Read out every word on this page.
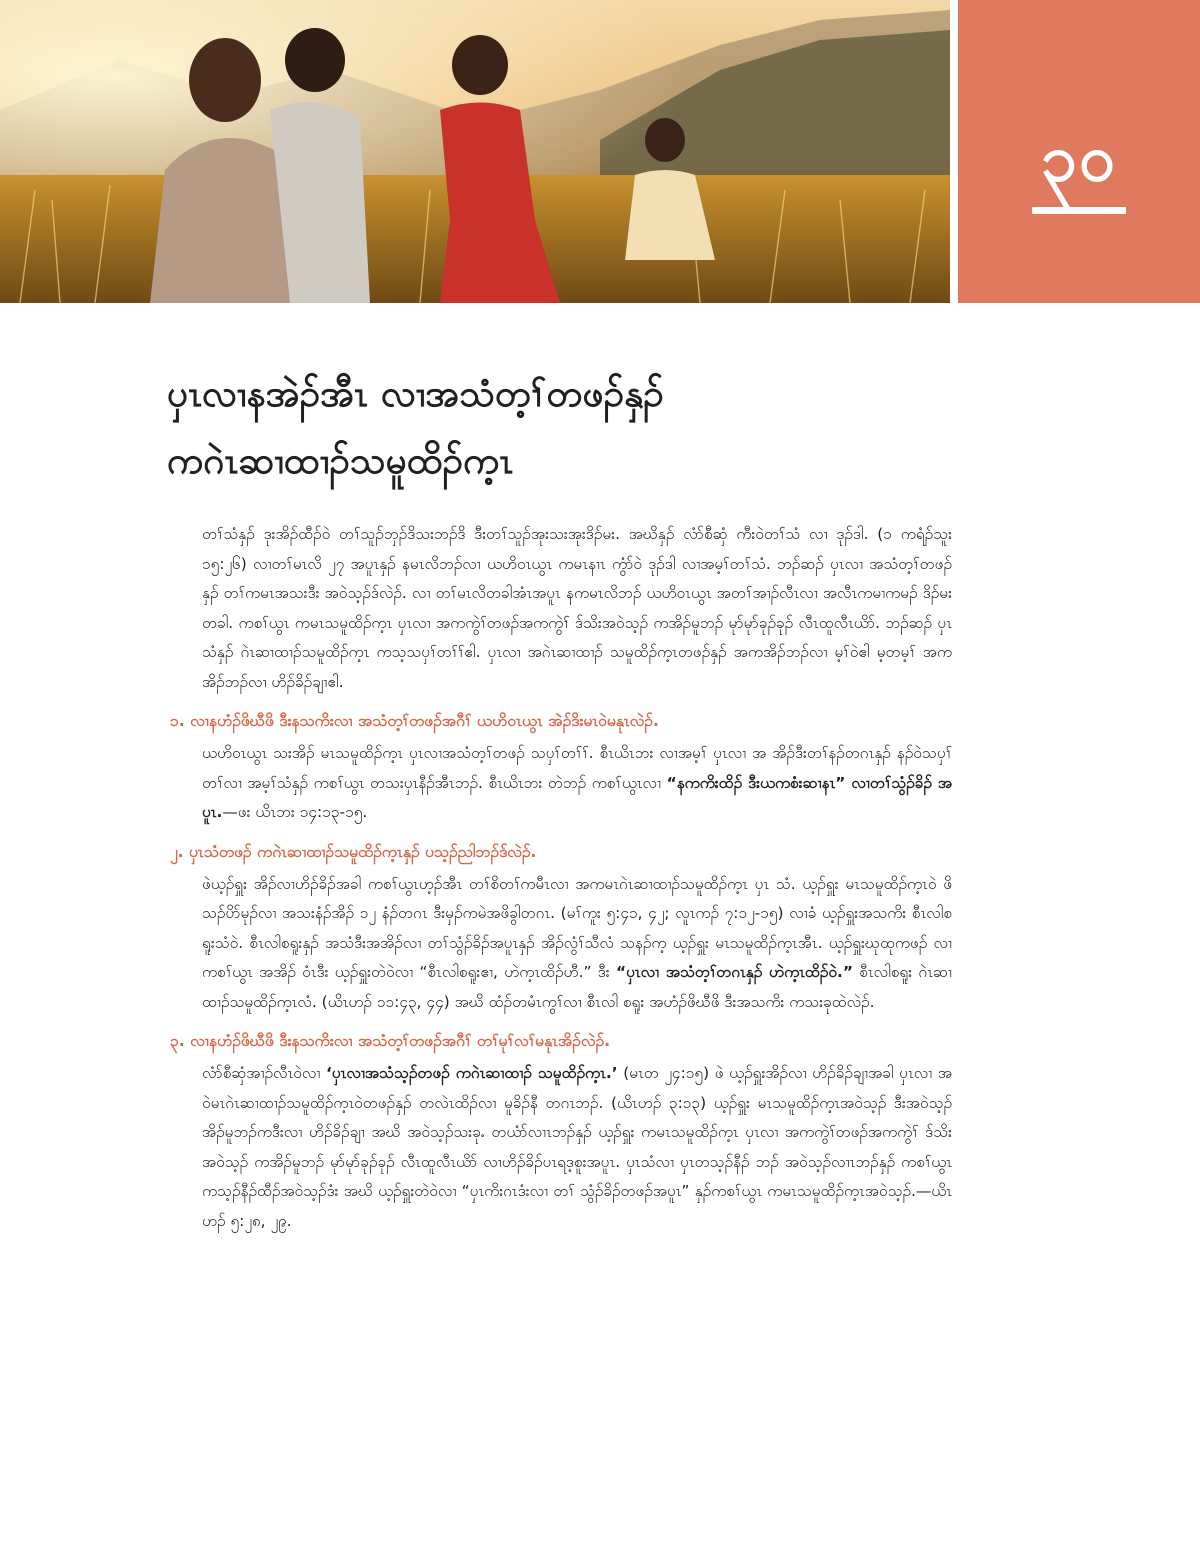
၃၀
ပှၤလၢနအဲၣ်အီၤ လၢအသံတ့ၢ်တဖၣ်နှၣ်
ကဂဲၤဆၢထၢၣ်သမူထိၣ်က့ၤ

တၢ်သံနှၣ် ဒုးအိၣ်ထီၣ်ဝဲ တၢ်သူၣ်ဘှၣ်ဒိသးဘၣ်ဒိ ဒီးတၢ်သူၣ်အုးသးအုးဒိၣ်မး. အဃိနှၣ် လံာ်စီဆှံ ကီးဝဲတၢ်သံ လၢ ဒုၣ်ဒါ. (၁ ကရံၣ်သူး ၁၅:၂၆) လၢတၢ်မၤလိ ၂၇ အပူၤနှၣ် နမၤလိဘၣ်လၢ ယဟိဝၤယွၤ ကမၤနၢၤ ကွံာ်ဝဲ ဒုၣ်ဒါ လၢအမ့ၢ်တၢ်သံ. ဘၣ်ဆၣ် ပှၤလၢ အသံတ့ၢ်တဖၣ်နှၣ် တၢ်ကမၤအသးဒီး အဝဲသ့ၣ်ဒ်လဲၣ်. လၢ တၢ်မၤလိတခါအံၤအပူၤ နကမၤလိဘၣ် ယဟိဝၤယွၤ အတၢ်အၢၣ်လီၤလၢ အလီၤကမၢကမၣ် ဒိၣ်မးတခါ. ကစၢ်ယွၤ ကမၤသမူထိၣ်က့ၤ ပှၤလၢ အကကွဲၢ်တဖၣ်အကကွဲၢ် ဒ်သိးအဝဲသ့ၣ် ကအိၣ်မူဘၣ် မုာ်မုာ်ခုၣ်ခုၣ် လီၤထူလီၤယိာ်. ဘၣ်ဆၣ် ပှၤသံနှၣ် ဂဲၤဆၢထၢၣ်သမူထိၣ်က့ၤ ကသ့သပှၢ်တၢ်ၢ်ဧါ. ပှၤလၢ အဂဲၤဆၢထၢၣ် သမူထိၣ်က့ၤတဖၣ်နှၣ် အကအိၣ်ဘၣ်လၢ မ့ၢ်ဝဲဧါ မ့တမ့ၢ် အကအိၣ်ဘၣ်လၢ ဟိၣ်ခိၣ်ချၢဧါ.

၁. လၢနဟံၣ်ဖိဃီဖိ ဒီးနသကိးလၢ အသံတ့ၢ်တဖၣ်အဂီၢ် ယဟိဝၤယွၤ အဲၣ်ဒိးမၤဝဲမနုၤလဲၣ်.

ယဟိဝၤယွၤ သးအိၣ် မၤသမူထိၣ်က့ၤ ပှၤလၢအသံတ့ၢ်တဖၣ် သပှၢ်တၢ်ၢ်. စီၤယိၤဘး လၢအမ့ၢ် ပှၤလၢ အ အိၣ်ဒီးတၢ်နၣ်တဂၤနှၣ် နၣ်ဝဲသပှၢ်တၢ်လၢ အမ့ၢ်သံနှၣ် ကစၢ်ယွၤ တသးပှၤနီၣ်အီၤဘၣ်. စီၤယိၤဘး တဲဘၣ် ကစၢ်ယွၤလၢ “နကကိးထိၣ် ဒီးယကစံးဆၢနၤ” လၢတၢ်သွံၣ်ခိၣ် အပူၤ.—ဖး ယိၤဘး ၁၄:၁၃-၁၅.

၂. ပှၤသံတဖၣ် ကဂဲၤဆၢထၢၣ်သမူထိၣ်က့ၤနှၣ် ပသ့ၣ်ညါဘၣ်ဒ်လဲၣ်.

ဖဲယ့ၣ်ရှူး အိၣ်လၢဟိၣ်ခိၣ်အခါ ကစၢ်ယွၤဟ့ၣ်အီၤ တၢ်စိတၢ်ကမီၤလၢ အကမၤဂဲၤဆၢထၢၣ်သမူထိၣ်က့ၤ ပှၤ သံ. ယ့ၣ်ရှူး မၤသမူထိၣ်က့ၤဝဲ ဖိသၣ်ပိာ်မုၣ်လၢ အသးနံၣ်အိၣ် ၁၂ နံၣ်တဂၤ ဒီးမှၣ်ကမဲအဖိခွါတဂၤ. (မၢ်ကူး ၅:၄၁, ၄၂; လူၤကၣ် ၇:၁၂-၁၅) လၢခံ ယ့ၣ်ရှူးအသကိး စီၤလါစရူးသံဝဲ. စီၤလါစရူးနှၣ် အသံဒီးအအိၣ်လၢ တၢ်သွံၣ်ခိၣ်အပူၤနှၣ် အိၣ်လွံၢ်သီလံ သနၣ်က့ ယ့ၣ်ရှူး မၤသမူထိၣ်က့ၤအီၤ. ယ့ၣ်ရှူးဃုထုကဖၣ် လၢကစၢ်ယွၤ အအိၣ် ဝံၤဒီး ယ့ၣ်ရှူးတဲဝဲလၢ “စီၤလါစရူးဧၢ, ဟဲက့ၤထိၣ်ဟီ.” ဒီး “ပှၤလၢ အသံတ့ၢ်တဂၤနှၣ် ဟဲက့ၤထိၣ်ဝဲ.” စီၤလါစရူး ဂဲၤဆၢထၢၣ်သမူထိၣ်က့ၤလံ. (ယိၤဟၣ် ၁၁:၄၃, ၄၄) အဃိ ထံၣ်တမံၤကွၢ်လၢ စီၤလါ စရူး အဟံၣ်ဖိဃီဖိ ဒီးအသကိး ကသးခုထဲလဲၣ်.

၃. လၢနဟံၣ်ဖိဃီဖိ ဒီးနသကိးလၢ အသံတ့ၢ်တဖၣ်အဂီၢ် တၢ်မုၢ်လၢ်မနုၤအိၣ်လဲၣ်.

လံာ်စီဆှံအၢၣ်လီၤဝဲလၢ ‘ပှၤလၢအသံသ့ၣ်တဖၣ် ကဂဲၤဆၢထၢၣ် သမူထိၣ်က့ၤ.’ (မၤတ ၂၄:၁၅) ဖဲ ယ့ၣ်ရှူးအိၣ်လၢ ဟိၣ်ခိၣ်ချၢအခါ ပှၤလၢ အဝဲမၤဂဲၤဆၢထၢၣ်သမူထိၣ်က့ၤဝဲတဖၣ်နှၣ် တလဲၤထိၣ်လၢ မူခိၣ်နီ တဂၤဘၣ်. (ယိၤဟၣ် ၃:၁၃) ယ့ၣ်ရှူး မၤသမူထိၣ်က့ၤအဝဲသ့ၣ် ဒီးအဝဲသ့ၣ် အိၣ်မူဘၣ်ကဒီးလၢ ဟိၣ်ခိၣ်ချၢ အဃိ အဝဲသ့ၣ်သးခုႉ တယံာ်လၢၤဘၣ်နှၣ် ယ့ၣ်ရှူး ကမၤသမူထိၣ်က့ၤ ပှၤလၢ အကကွဲၢ်တဖၣ်အကကွဲၢ် ဒ်သိး အဝဲသ့ၣ် ကအိၣ်မူဘၣ် မုာ်မုာ်ခုၣ်ခုၣ် လီၤထူလီၤယိာ် လၢဟိၣ်ခိၣ်ပၤရဒ့စူးအပူၤ. ပှၤသံလၢ ပှၤတသ့ၣ်နီၣ် ဘၣ် အဝဲသ့ၣ်လၢၤဘၣ်နှၣ် ကစၢ်ယွၤ ကသ့ၣ်နီၣ်ထီၣ်အဝဲသ့ၣ်ဒံး အဃိ ယ့ၣ်ရှူးတဲဝဲလၢ “ပှၤကိးဂၤဒံးလၢ တၢ် သွံၣ်ခိၣ်တဖၣ်အပူၤ” နှၣ်ကစၢ်ယွၤ ကမၤသမူထိၣ်က့ၤအဝဲသ့ၣ်.—ယိၤဟၣ် ၅:၂၈, ၂၉.
